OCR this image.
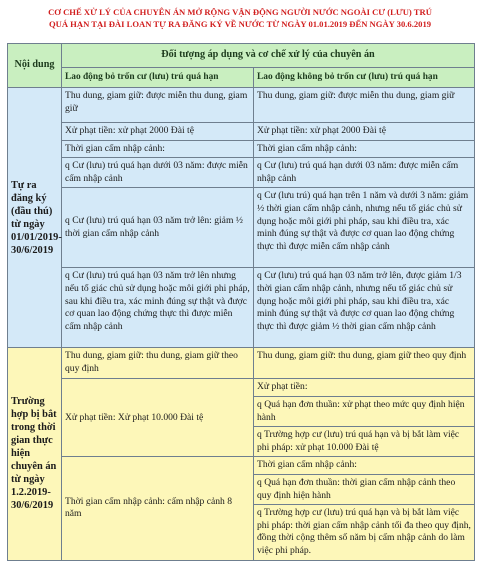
CƠ CHẾ XỬ LÝ CỦA CHUYÊN ÁN MỞ RỘNG VẬN ĐỘNG NGƯỜI NƯỚC NGOÀI CƯ (LƯU) TRÚ
QUÁ HẠN TẠI ĐÀI LOAN TỰ RA ĐĂNG KÝ VỀ NƯỚC TỪ NGÀY 01.01.2019 ĐẾN NGÀY 30.6.2019
Nội dung	Đối tượng áp dụng và cơ chế xử lý của chuyên án	
	Lao động bỏ trốn cư (lưu) trú quá hạn	Lao động không bỏ trốn cư (lưu) trú quá hạn
Tự ra đăng ký (đầu thú) từ ngày 01/01/2019-30/6/2019	Thu dung, giam giữ: được miễn thu dung, giam giữ	Thu dung, giam giữ: được miễn thu dung, giam giữ
	Xử phạt tiền: xử phạt 2000 Đài tệ	Xử phạt tiền: xử phạt 2000 Đài tệ
	Thời gian cấm nhập cảnh:	Thời gian cấm nhập cảnh:
	q Cư (lưu) trú quá hạn dưới 03 năm: được miễn cấm nhập cảnh	q Cư (lưu) trú quá hạn dưới 03 năm: được miễn cấm nhập cảnh
	q Cư (lưu) trú quá hạn 03 năm trở lên: giảm ½ thời gian cấm nhập cảnh	q Cư (lưu trú) quá hạn trên 1 năm và dưới 3 năm: giảm ½ thời gian cấm nhập cảnh, nhưng nếu tố giác chủ sử dụng hoặc môi giới phi pháp, sau khi điều tra, xác minh đúng sự thật và được cơ quan lao động chứng thực thì được miễn cấm nhập cảnh
	q Cư (lưu) trú quá hạn 03 năm trở lên nhưng nếu tố giác chủ sử dụng hoặc môi giới phi pháp, sau khi điều tra, xác minh đúng sự thật và được cơ quan lao động chứng thực thì được miễn cấm nhập cảnh	q Cư (lưu) trú quá hạn 03 năm trở lên, được giảm 1/3 thời gian cấm nhập cảnh, nhưng nếu tố giác chủ sử dụng hoặc môi giới phi pháp, sau khi điều tra, xác minh đúng sự thật và được cơ quan lao động chứng thực thì được giảm ½ thời gian cấm nhập cảnh
Trường hợp bị bắt trong thời gian thực hiện chuyên án từ ngày 1.2.2019-30/6/2019	Thu dung, giam giữ: thu dung, giam giữ theo quy định	Thu dung, giam giữ: thu dung, giam giữ theo quy định
	Xử phạt tiền: Xử phạt 10.000 Đài tệ	Xử phạt tiền:
		q Quá hạn đơn thuần: xử phạt theo mức quy định hiện hành
		q Trường hợp cư (lưu) trú quá hạn và bị bắt làm việc phi pháp: xử phạt 10.000 Đài tệ
	Thời gian cấm nhập cảnh: cấm nhập cảnh 8 năm	Thời gian cấm nhập cảnh:
		q Quá hạn đơn thuần: thời gian cấm nhập cảnh theo quy định hiện hành
		q Trường hợp cư (lưu) trú quá hạn và bị bắt làm việc phi pháp: thời gian cấm nhập cảnh tối đa theo quy định, đồng thời cộng thêm số năm bị cấm nhập cảnh do làm việc phi pháp.
